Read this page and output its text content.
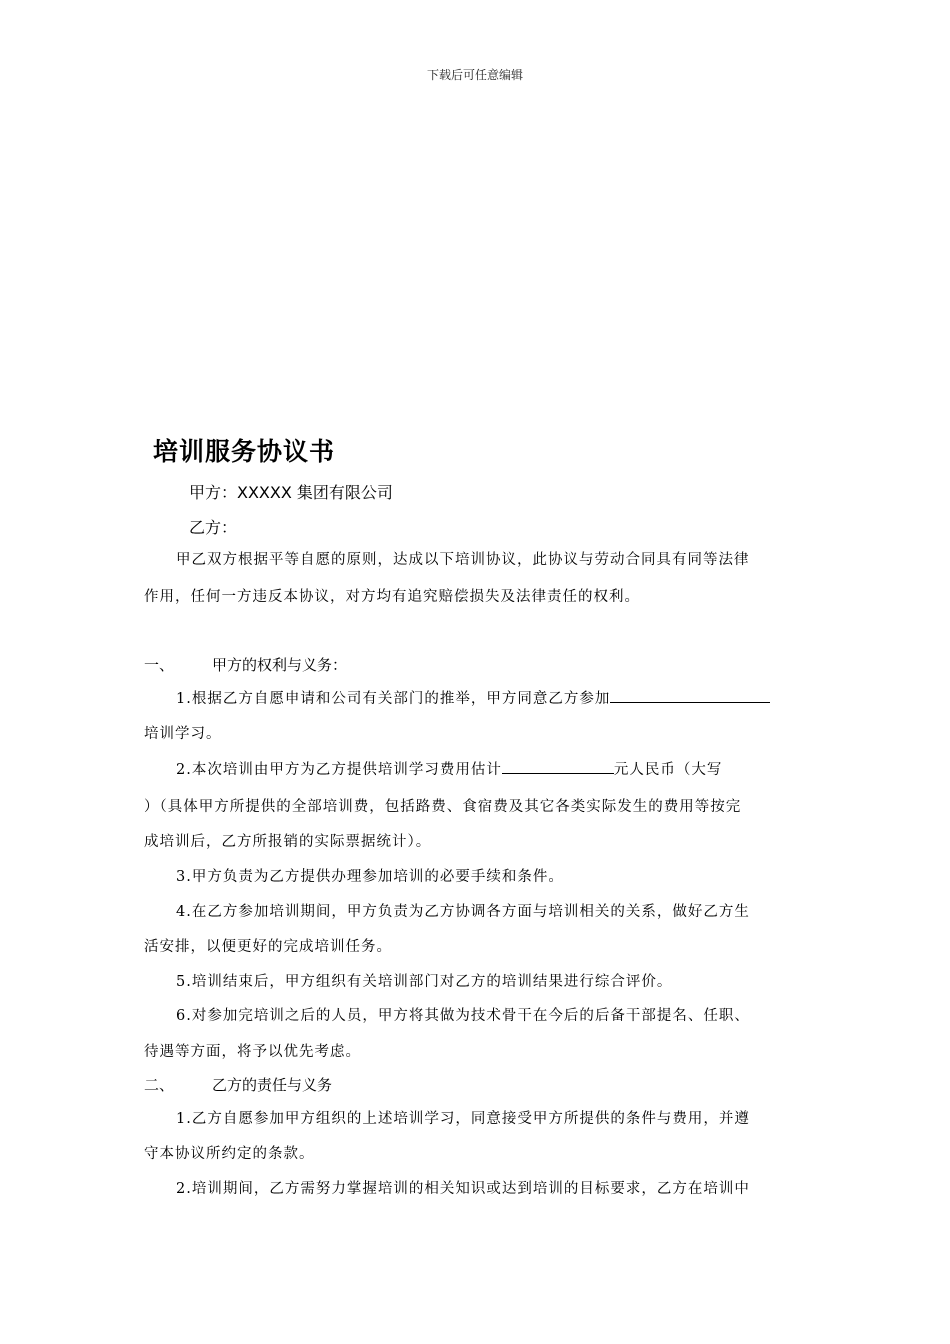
下载后可任意编辑
培训服务协议书
甲方：XXXXX 集团有限公司
乙方：
甲乙双方根据平等自愿的原则，达成以下培训协议，此协议与劳动合同具有同等法律
作用，任何一方违反本协议，对方均有追究赔偿损失及法律责任的权利。
一、	甲方的权利与义务：
1.根据乙方自愿申请和公司有关部门的推举，甲方同意乙方参加
培训学习。
2.本次培训由甲方为乙方提供培训学习费用估计	元人民币（大写
）（具体甲方所提供的全部培训费，包括路费、食宿费及其它各类实际发生的费用等按完
成培训后，乙方所报销的实际票据统计）。
3.甲方负责为乙方提供办理参加培训的必要手续和条件。
4.在乙方参加培训期间，甲方负责为乙方协调各方面与培训相关的关系，做好乙方生
活安排，以便更好的完成培训任务。
5.培训结束后，甲方组织有关培训部门对乙方的培训结果进行综合评价。
6.对参加完培训之后的人员，甲方将其做为技术骨干在今后的后备干部提名、任职、
待遇等方面，将予以优先考虑。
二、	乙方的责任与义务
1.乙方自愿参加甲方组织的上述培训学习，同意接受甲方所提供的条件与费用，并遵
守本协议所约定的条款。
2.培训期间，乙方需努力掌握培训的相关知识或达到培训的目标要求，乙方在培训中
